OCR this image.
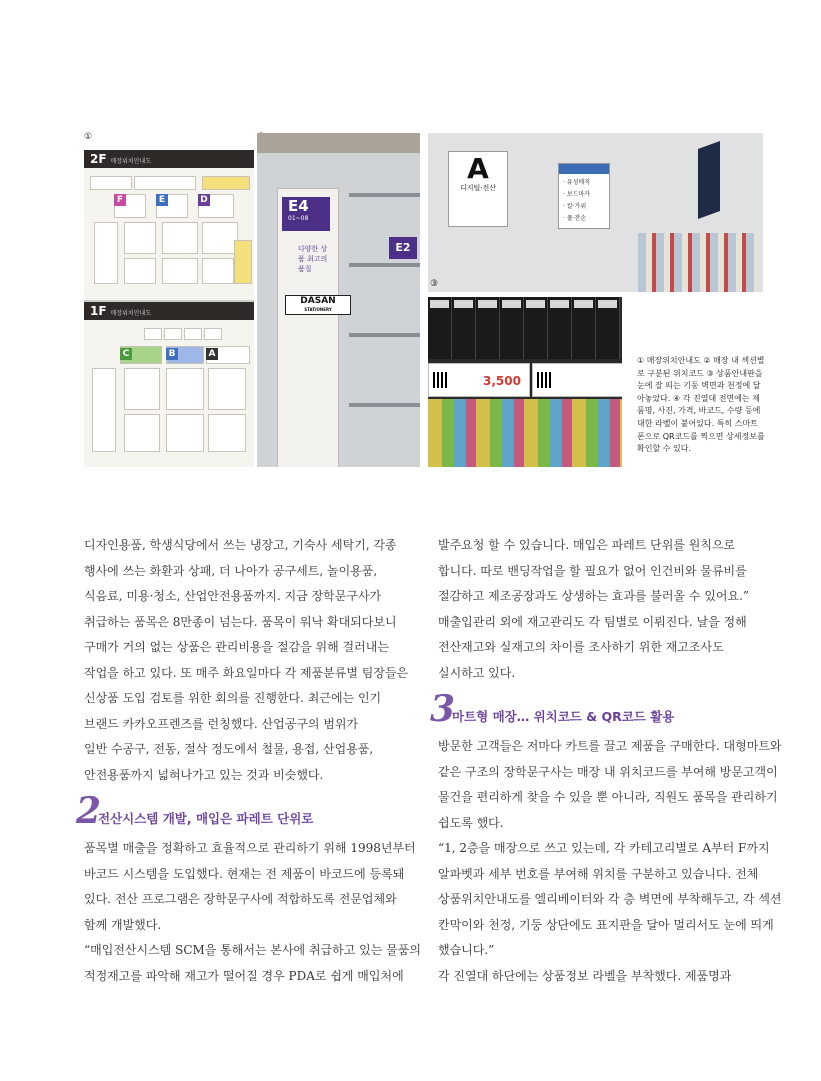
①
2F 매장위치안내도
F	E	D
1F 매장위치안내도
C	B	A
E4
01~08
다양한 상품 최고의 품질
DASAN
STATIONERY
E2
A
디지털·전산
· 유성매직
· 보드마카
· 칼·가위
· 풀·잔손
③
3,500
① 매장위치안내도 ② 매장 내 섹션별로 구분된 위치코드 ③ 상품안내판을 눈에 잘 띄는 기둥 벽면과 천정에 달아놓았다. ④ 각 진열대 전면에는 제품명, 사진, 가격, 바코드, 수량 등에 대한 라벨이 붙어있다. 특히 스마트폰으로 QR코드를 찍으면 상세정보를 확인할 수 있다.

디자인용품, 학생식당에서 쓰는 냉장고, 기숙사 세탁기, 각종

행사에 쓰는 화환과 상패, 더 나아가 공구세트, 놀이용품,

식음료, 미용·청소, 산업안전용품까지. 지금 장학문구사가

취급하는 품목은 8만종이 넘는다. 품목이 워낙 확대되다보니

구매가 거의 없는 상품은 관리비용을 절감을 위해 걸러내는

작업을 하고 있다. 또 매주 화요일마다 각 제품분류별 팀장들은

신상품 도입 검토를 위한 회의를 진행한다. 최근에는 인기

브랜드 카카오프렌즈를 런칭했다. 산업공구의 범위가

일반 수공구, 전동, 절삭 정도에서 철물, 용접, 산업용품,

안전용품까지 넓혀나가고 있는 것과 비슷했다.

2
전산시스템 개발, 매입은 파레트 단위로

품목별 매출을 정확하고 효율적으로 관리하기 위해 1998년부터

바코드 시스템을 도입했다. 현재는 전 제품이 바코드에 등록돼

있다. 전산 프로그램은 장학문구사에 적합하도록 전문업체와

함께 개발했다.

“매입전산시스템 SCM을 통해서는 본사에 취급하고 있는 물품의

적정재고를 파악해 재고가 떨어질 경우 PDA로 쉽게 매입처에

발주요청 할 수 있습니다. 매입은 파레트 단위를 원칙으로

합니다. 따로 밴딩작업을 할 필요가 없어 인건비와 물류비를

절감하고 제조공장과도 상생하는 효과를 불러올 수 있어요.”

매출입관리 외에 재고관리도 각 팀별로 이뤄진다. 날을 정해

전산재고와 실재고의 차이를 조사하기 위한 재고조사도

실시하고 있다.

3
마트형 매장… 위치코드 & QR코드 활용

방문한 고객들은 저마다 카트를 끌고 제품을 구매한다. 대형마트와

같은 구조의 장학문구사는 매장 내 위치코드를 부여해 방문고객이

물건을 편리하게 찾을 수 있을 뿐 아니라, 직원도 품목을 관리하기

쉽도록 했다.

“1, 2층을 매장으로 쓰고 있는데, 각 카테고리별로 A부터 F까지

알파벳과 세부 번호를 부여해 위치를 구분하고 있습니다. 전체

상품위치안내도를 엘리베이터와 각 층 벽면에 부착해두고, 각 섹션

칸막이와 천정, 기둥 상단에도 표지판을 달아 멀리서도 눈에 띄게

했습니다.”

각 진열대 하단에는 상품정보 라벨을 부착했다. 제품명과
